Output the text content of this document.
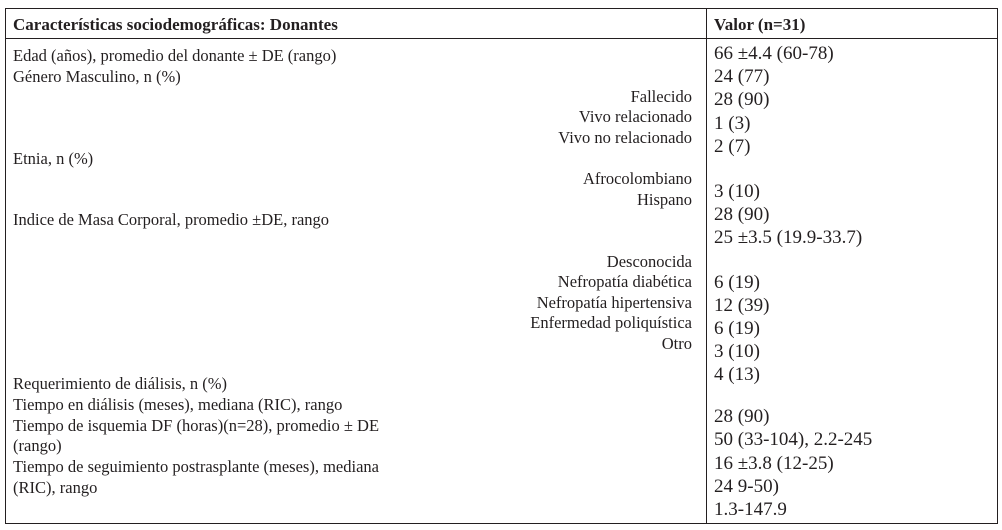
Características sociodemográficas: Donantes	Valor (n=31)
Edad (años), promedio del donante ± DE (rango)
Género Masculino, n (%)
Etnia, n (%)
Indice de Masa Corporal, promedio ±DE, rango
Requerimiento de diálisis, n (%)
Tiempo en diálisis (meses), mediana (RIC), rango
Tiempo de isquemia DF (horas)(n=28), promedio ± DE
(rango)
Tiempo de seguimiento postrasplante (meses), mediana
(RIC), rango
Fallecido
Vivo relacionado
Vivo no relacionado
Afrocolombiano
Hispano
Desconocida
Nefropatía diabética
Nefropatía hipertensiva
Enfermedad poliquística
Otro
66 ±4.4 (60-78)
24 (77)
28 (90)
1 (3)
2 (7)
3 (10)
28 (90)
25 ±3.5 (19.9-33.7)
6 (19)
12 (39)
6 (19)
3 (10)
4 (13)
28 (90)
50 (33-104), 2.2-245
16 ±3.8 (12-25)
24 9-50)
1.3-147.9
